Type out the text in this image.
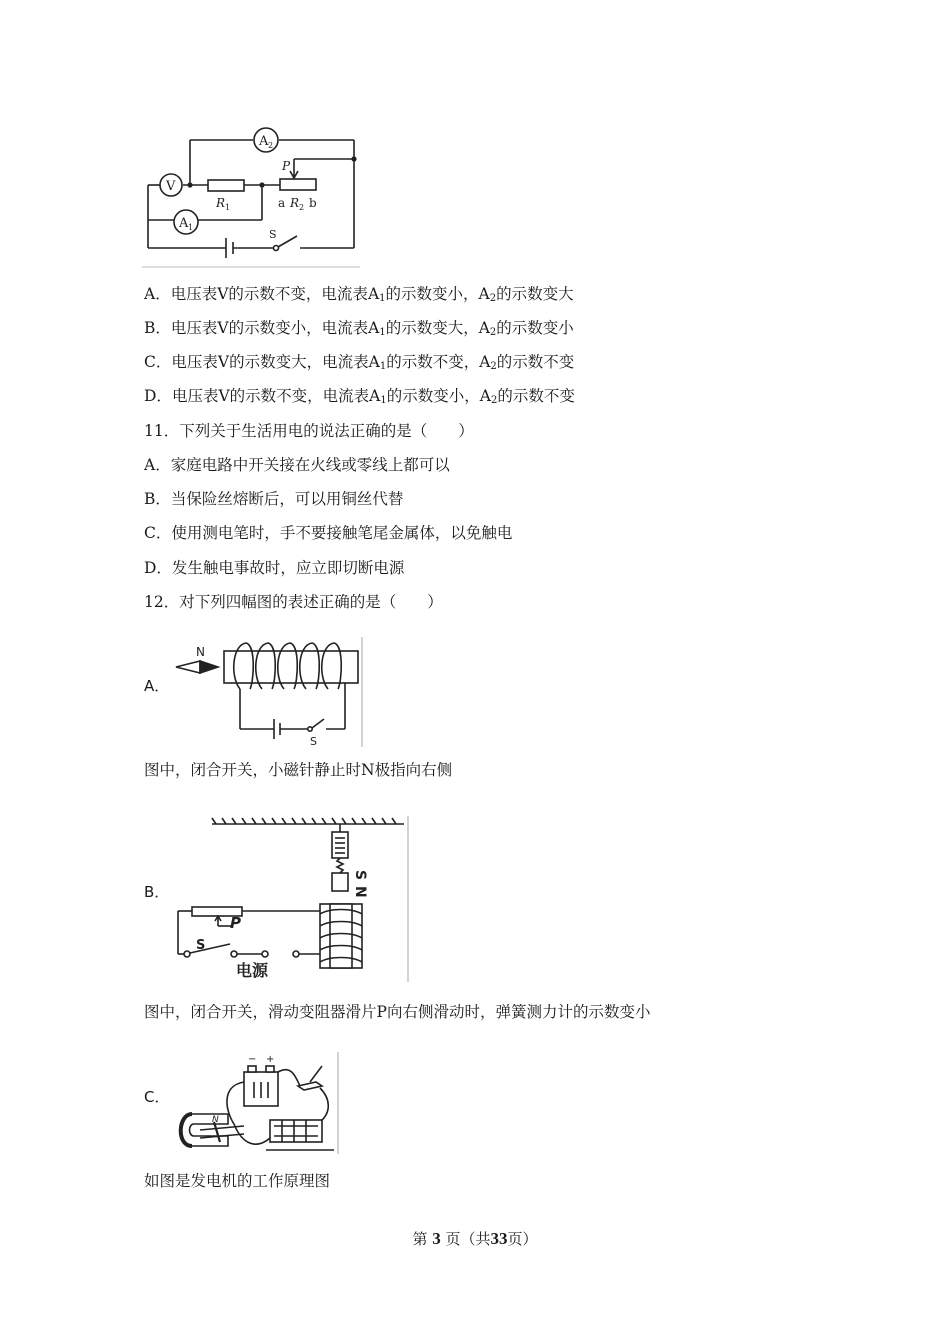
V
A 2
A 1
R 1
P
a R 2 b
S
A．电压表V的示数不变，电流表$A_1$的示数变小，$A_2$的示数变大
B．电压表V的示数变小，电流表$A_1$的示数变大，$A_2$的示数变小
C．电压表V的示数变大，电流表$A_1$的示数不变，$A_2$的示数不变
D．电压表V的示数不变，电流表$A_1$的示数变小，$A_2$的示数不变
11．下列关于生活用电的说法正确的是（　　）
A．家庭电路中开关接在火线或零线上都可以
B．当保险丝熔断后，可以用铜丝代替
C．使用测电笔时，手不要接触笔尾金属体，以免触电
D．发生触电事故时，应立即切断电源
12．对下列四幅图的表述正确的是（　　）
A．
N
S
图中，闭合开关，小磁针静止时N极指向右侧
B．
S
N
P
S
电源
图中，闭合开关，滑动变阻器滑片P向右侧滑动时，弹簧测力计的示数变小
C．
N
− +
如图是发电机的工作原理图
第 3 页（共33页）
